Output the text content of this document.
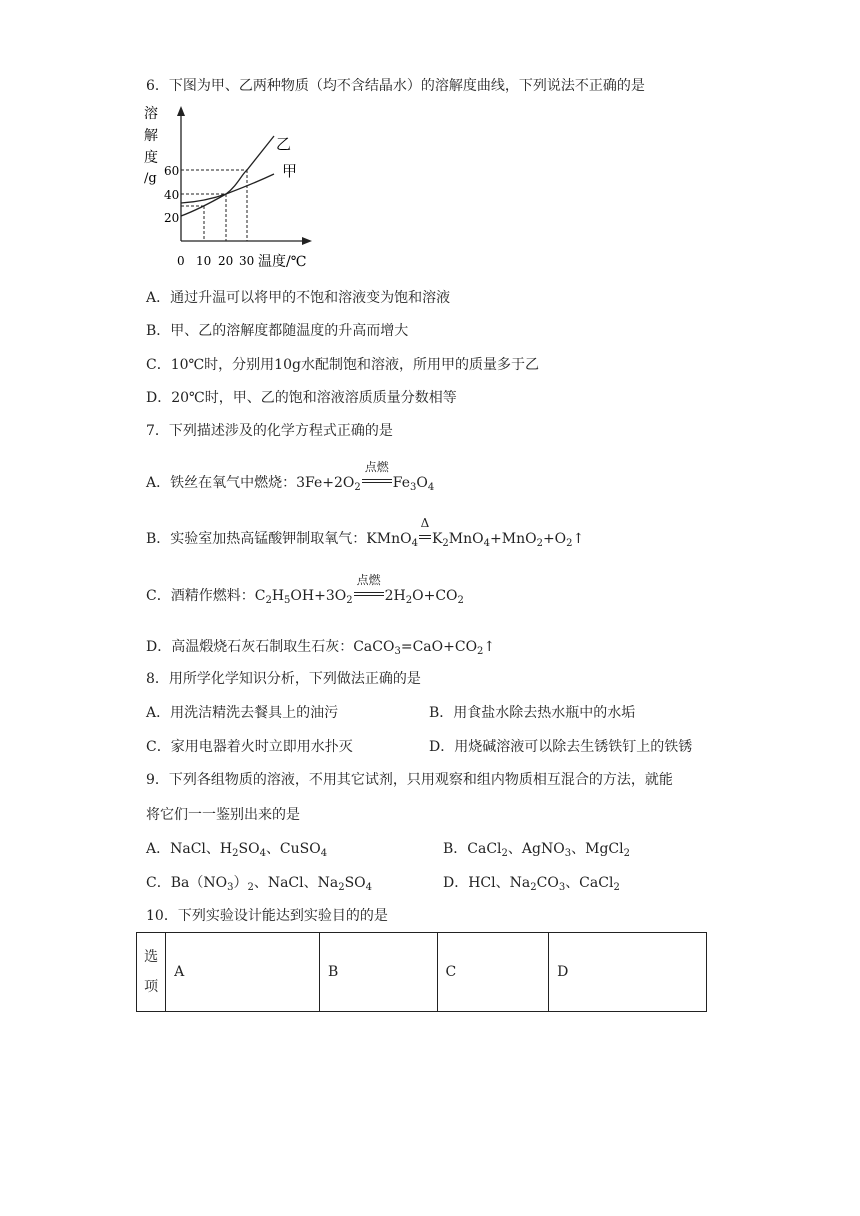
6．下图为甲、乙两种物质（均不含结晶水）的溶解度曲线，下列说法不正确的是
溶
解
度
/g 60
40
20
0 10 20 30 温度/℃
乙
甲
A．通过升温可以将甲的不饱和溶液变为饱和溶液
B．甲、乙的溶解度都随温度的升高而增大
C．10℃时，分别用10g水配制饱和溶液，所用甲的质量多于乙
D．20℃时，甲、乙的饱和溶液溶质质量分数相等
7．下列描述涉及的化学方程式正确的是
A．铁丝在氧气中燃烧：$3Fe+2O_2$
点燃
$Fe_3O_4$
B．实验室加热高锰酸钾制取氧气：KMnO$_4$
Δ
$K_2MnO_4+MnO_2+O_2↑$
C．酒精作燃料：$C_2H_5OH+3O_2$
点燃
$2H_2O+CO_2$
D．高温煅烧石灰石制取生石灰：$CaCO_3=CaO+CO_2↑$
8．用所学化学知识分析，下列做法正确的是
A．用洗洁精洗去餐具上的油污	B．用食盐水除去热水瓶中的水垢
C．家用电器着火时立即用水扑灭	D．用烧碱溶液可以除去生锈铁钉上的铁锈
9．下列各组物质的溶液，不用其它试剂，只用观察和组内物质相互混合的方法，就能
将它们一一鉴别出来的是
A．NaCl、$H_2SO_4$、CuSO$_4$	B．CaCl$_2$、AgNO$_3$、MgCl$_2$
C．$Ba(NO_3)_2$、NaCl、$Na_2SO_4$	D．HCl、$Na_2CO_3$、CaCl$_2$
10．下列实验设计能达到实验目的的是
选
项	A	B	C	D
